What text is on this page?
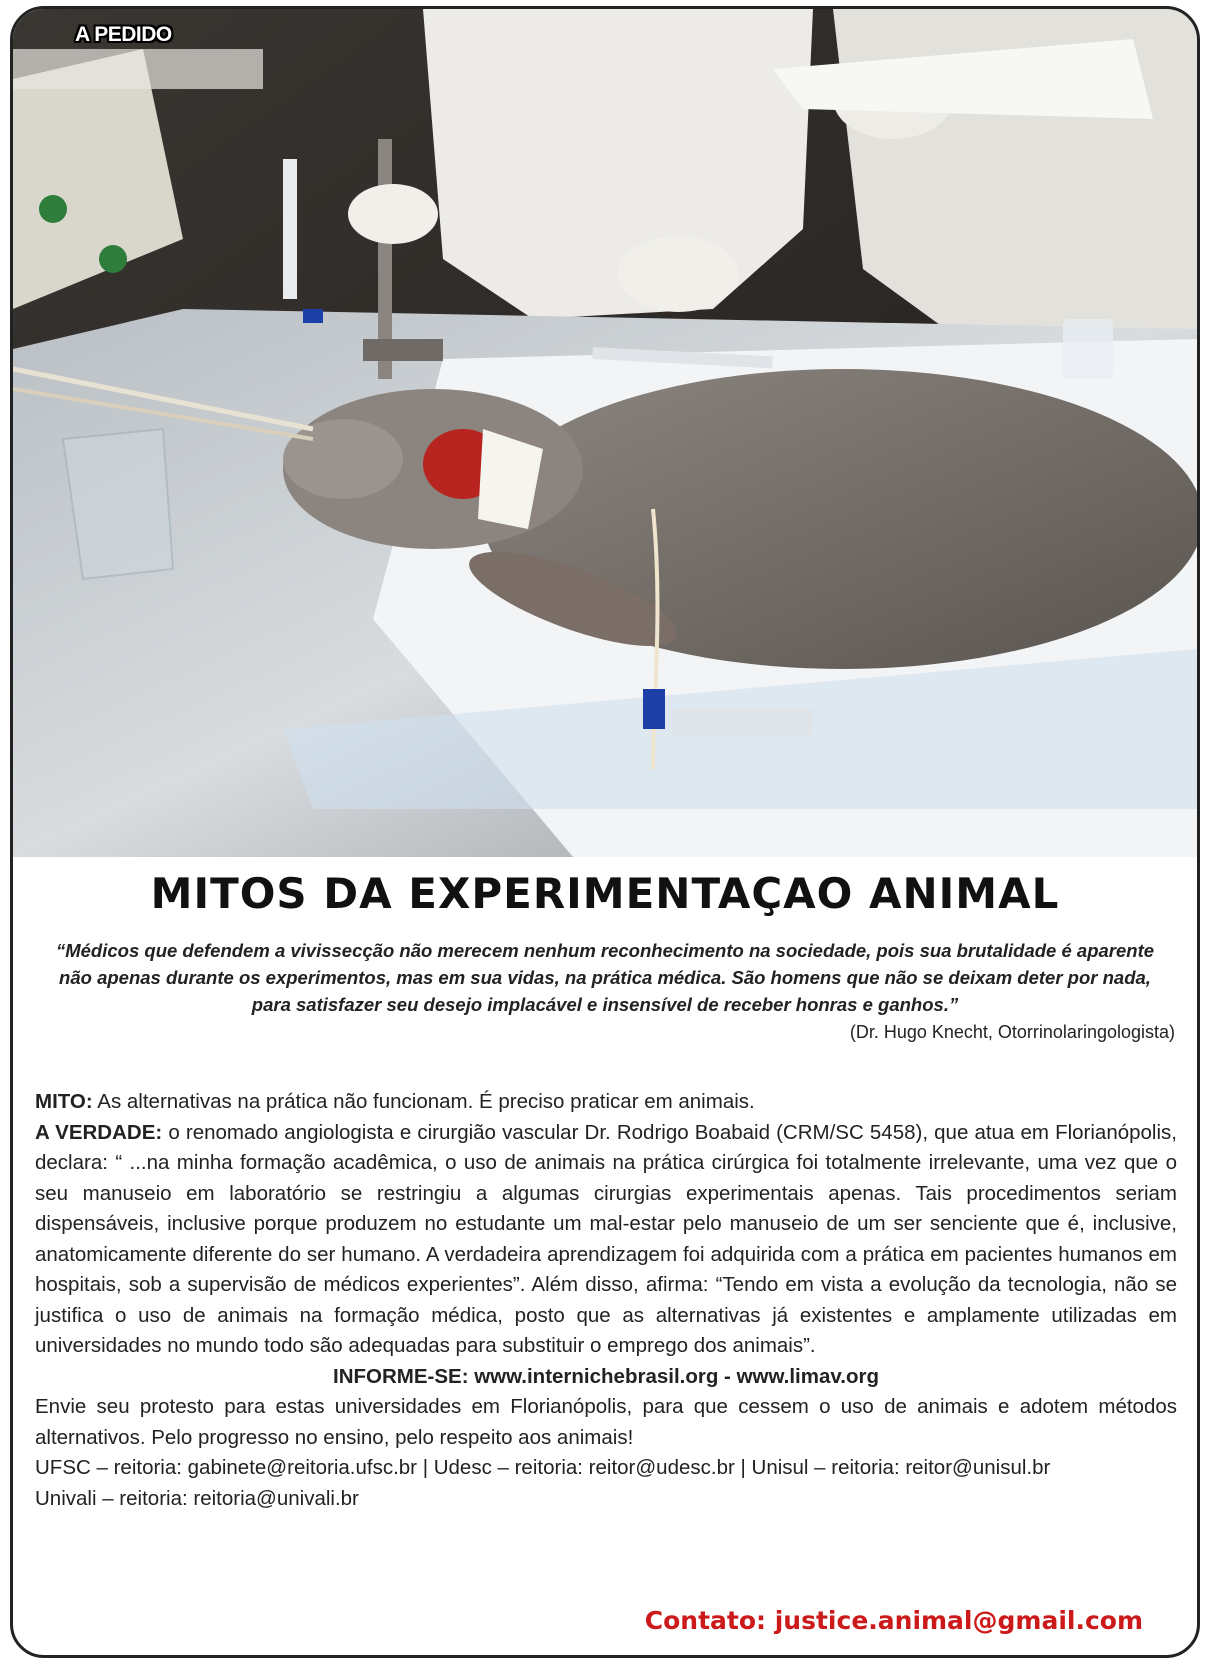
A PEDIDO
MITOS DA EXPERIMENTAÇAO ANIMAL
“Médicos que defendem a vivissecção não merecem nenhum reconhecimento na sociedade, pois sua brutalidade é aparente não apenas durante os experimentos, mas em sua vidas, na prática médica. São homens que não se deixam deter por nada, para satisfazer seu desejo implacável e insensível de receber honras e ganhos.”
(Dr. Hugo Knecht, Otorrinolaringologista)

MITO: As alternativas na prática não funcionam. É preciso praticar em animais.

A VERDADE: o renomado angiologista e cirurgião vascular Dr. Rodrigo Boabaid (CRM/SC 5458), que atua em Florianópolis, declara: “ ...na minha formação acadêmica, o uso de animais na prática cirúrgica foi totalmente irrelevante, uma vez que o seu manuseio em laboratório se restringiu a algumas cirurgias experimentais apenas. Tais procedimentos seriam dispensáveis, inclusive porque produzem no estudante um mal-estar pelo manuseio de um ser senciente que é, inclusive, anatomicamente diferente do ser humano. A verdadeira aprendizagem foi adquirida com a prática em pacientes humanos em hospitais, sob a supervisão de médicos experientes”. Além disso, afirma: “Tendo em vista a evolução da tecnologia, não se justifica o uso de animais na formação médica, posto que as alternativas já existentes e amplamente utilizadas em universidades no mundo todo são adequadas para substituir o emprego dos animais”.

INFORME-SE: www.internichebrasil.org - www.limav.org

Envie seu protesto para estas universidades em Florianópolis, para que cessem o uso de animais e adotem métodos alternativos. Pelo progresso no ensino, pelo respeito aos animais!

UFSC – reitoria: gabinete@reitoria.ufsc.br | Udesc – reitoria: reitor@udesc.br | Unisul – reitoria: reitor@unisul.br

Univali – reitoria: reitoria@univali.br

Contato: justice.animal@gmail.com
